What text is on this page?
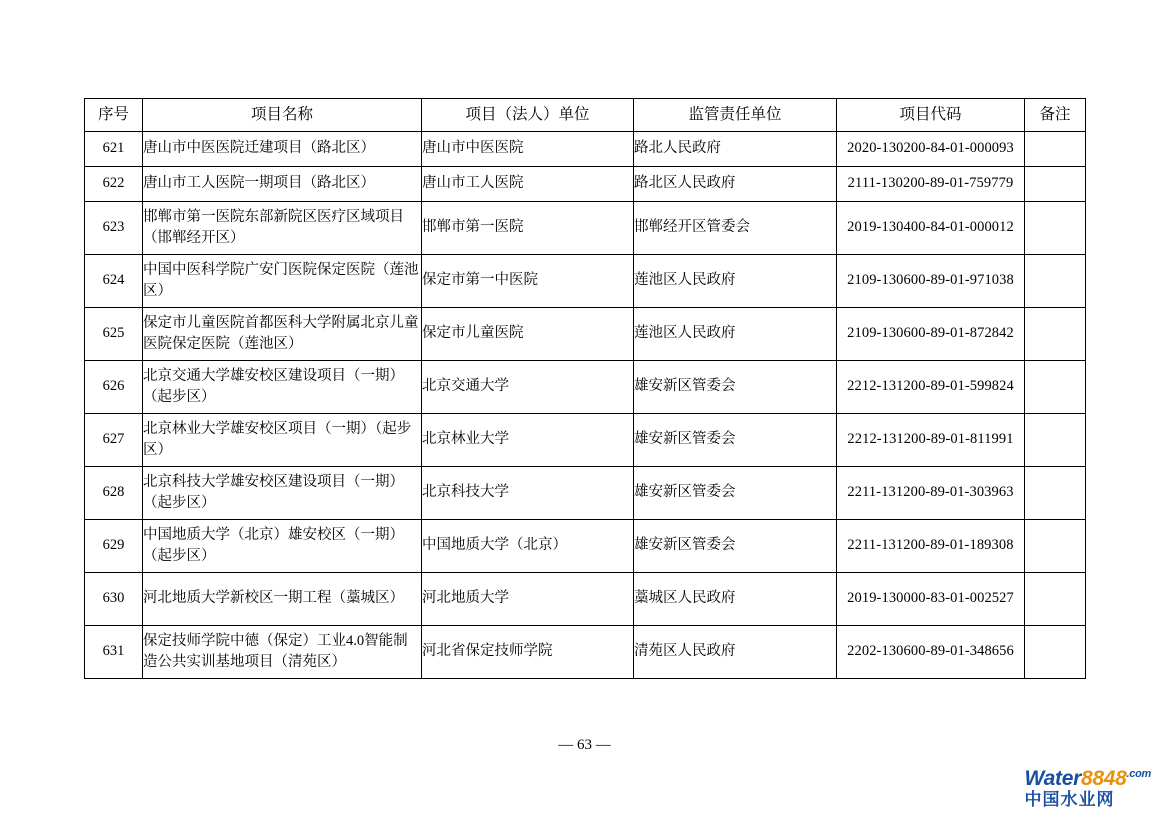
序号	项目名称	项目（法人）单位	监管责任单位	项目代码	备注
621	唐山市中医医院迁建项目（路北区）	唐山市中医医院	路北人民政府	2020-130200-84-01-000093	
622	唐山市工人医院一期项目（路北区）	唐山市工人医院	路北区人民政府	2111-130200-89-01-759779	
623	邯郸市第一医院东部新院区医疗区域项目（邯郸经开区）	邯郸市第一医院	邯郸经开区管委会	2019-130400-84-01-000012	
624	中国中医科学院广安门医院保定医院（莲池区）	保定市第一中医院	莲池区人民政府	2109-130600-89-01-971038	
625	保定市儿童医院首都医科大学附属北京儿童医院保定医院（莲池区）	保定市儿童医院	莲池区人民政府	2109-130600-89-01-872842	
626	北京交通大学雄安校区建设项目（一期）（起步区）	北京交通大学	雄安新区管委会	2212-131200-89-01-599824	
627	北京林业大学雄安校区项目（一期）（起步区）	北京林业大学	雄安新区管委会	2212-131200-89-01-811991	
628	北京科技大学雄安校区建设项目（一期）（起步区）	北京科技大学	雄安新区管委会	2211-131200-89-01-303963	
629	中国地质大学（北京）雄安校区（一期）（起步区）	中国地质大学（北京）	雄安新区管委会	2211-131200-89-01-189308	
630	河北地质大学新校区一期工程（藁城区）	河北地质大学	藁城区人民政府	2019-130000-83-01-002527	
631	保定技师学院中德（保定）工业4.0智能制造公共实训基地项目（清苑区）	河北省保定技师学院	清苑区人民政府	2202-130600-89-01-348656	
— 63 —
$Water8848^{.com}$
中国水业网
